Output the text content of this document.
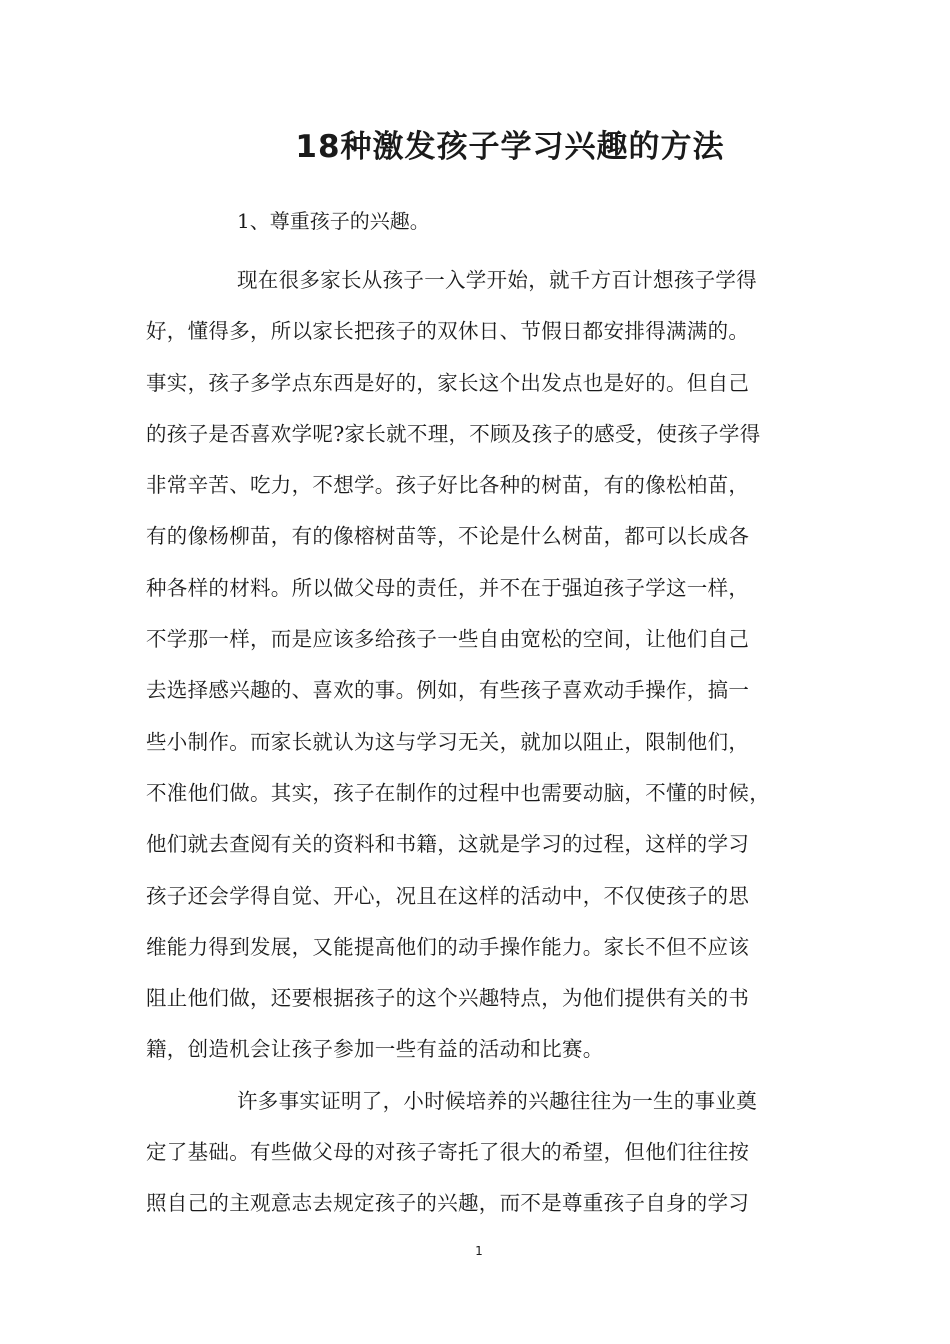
18种激发孩子学习兴趣的方法
1、尊重孩子的兴趣。
现在很多家长从孩子一入学开始，就千方百计想孩子学得
好，懂得多，所以家长把孩子的双休日、节假日都安排得满满的。
事实，孩子多学点东西是好的，家长这个出发点也是好的。但自己
的孩子是否喜欢学呢?家长就不理，不顾及孩子的感受，使孩子学得
非常辛苦、吃力，不想学。孩子好比各种的树苗，有的像松柏苗，
有的像杨柳苗，有的像榕树苗等，不论是什么树苗，都可以长成各
种各样的材料。所以做父母的责任，并不在于强迫孩子学这一样，
不学那一样，而是应该多给孩子一些自由宽松的空间，让他们自己
去选择感兴趣的、喜欢的事。例如，有些孩子喜欢动手操作，搞一
些小制作。而家长就认为这与学习无关，就加以阻止，限制他们，
不准他们做。其实，孩子在制作的过程中也需要动脑，不懂的时候，
他们就去查阅有关的资料和书籍，这就是学习的过程，这样的学习
孩子还会学得自觉、开心，况且在这样的活动中，不仅使孩子的思
维能力得到发展，又能提高他们的动手操作能力。家长不但不应该
阻止他们做，还要根据孩子的这个兴趣特点，为他们提供有关的书
籍，创造机会让孩子参加一些有益的活动和比赛。
许多事实证明了，小时候培养的兴趣往往为一生的事业奠
定了基础。有些做父母的对孩子寄托了很大的希望，但他们往往按
照自己的主观意志去规定孩子的兴趣，而不是尊重孩子自身的学习
1
